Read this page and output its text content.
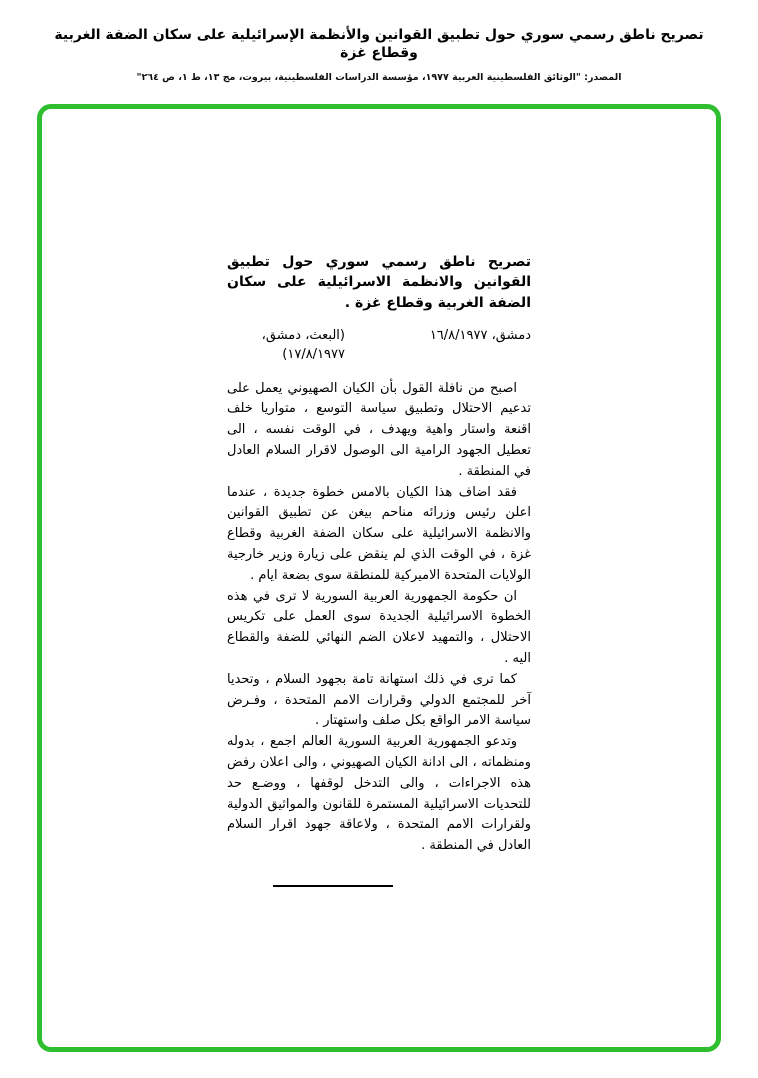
تصريح ناطق رسمي سوري حول تطبيق القوانين والأنظمة الإسرائيلية على سكان الضفة الغربية وقطاع غزة
المصدر: "الوثائق الفلسطينية العربية ١٩٧٧، مؤسسة الدراسات الفلسطينية، بيروت، مج ١٣، ط ١، ص ٢٦٤"
تصريح ناطق رسمي سوري حول تطبيق القوانين والانظمة الاسرائيلية على سكان الضفة الغربية وقطاع غزة .
دمشق، ١٦/٨/١٩٧٧
(البعث، دمشق، ١٧/٨/١٩٧٧)

اصبح من نافلة القول بأن الكيان الصهيوني يعمل على تدعيم الاحتلال وتطبيق سياسة التوسع ، متواريا خلف اقنعة واستار واهية ويهدف ، في الوقت نفسه ، الى تعطيل الجهود الرامية الى الوصول لاقرار السلام العادل في المنطقة .

فقد اضاف هذا الكيان بالامس خطوة جديدة ، عندما اعلن رئيس وزرائه مناحم بيغن عن تطبيق القوانين والانظمة الاسرائيلية على سكان الضفة الغربية وقطاع غزة ، في الوقت الذي لم ينقض على زيارة وزير خارجية الولايات المتحدة الاميركية للمنطقة سوى بضعة ايام .

ان حكومة الجمهورية العربية السورية لا ترى في هذه الخطوة الاسرائيلية الجديدة سوى العمل على تكريس الاحتلال ، والتمهيد لاعلان الضم النهائي للضفة والقطاع اليه .

كما ترى في ذلك استهانة تامة بجهود السلام ، وتحديا آخر للمجتمع الدولي وقرارات الامم المتحدة ، وفـرض سياسة الامر الواقع بكل صلف واستهتار .

وتدعو الجمهورية العربية السورية العالم اجمع ، بدوله ومنظماته ، الى ادانة الكيان الصهيوني ، والى اعلان رفض هذه الاجراءات ، والى التدخل لوقفها ، ووضـع حد للتحديات الاسرائيلية المستمرة للقانون والمواثيق الدولية ولقرارات الامم المتحدة ، ولاعاقة جهود اقرار السلام العادل في المنطقة .
